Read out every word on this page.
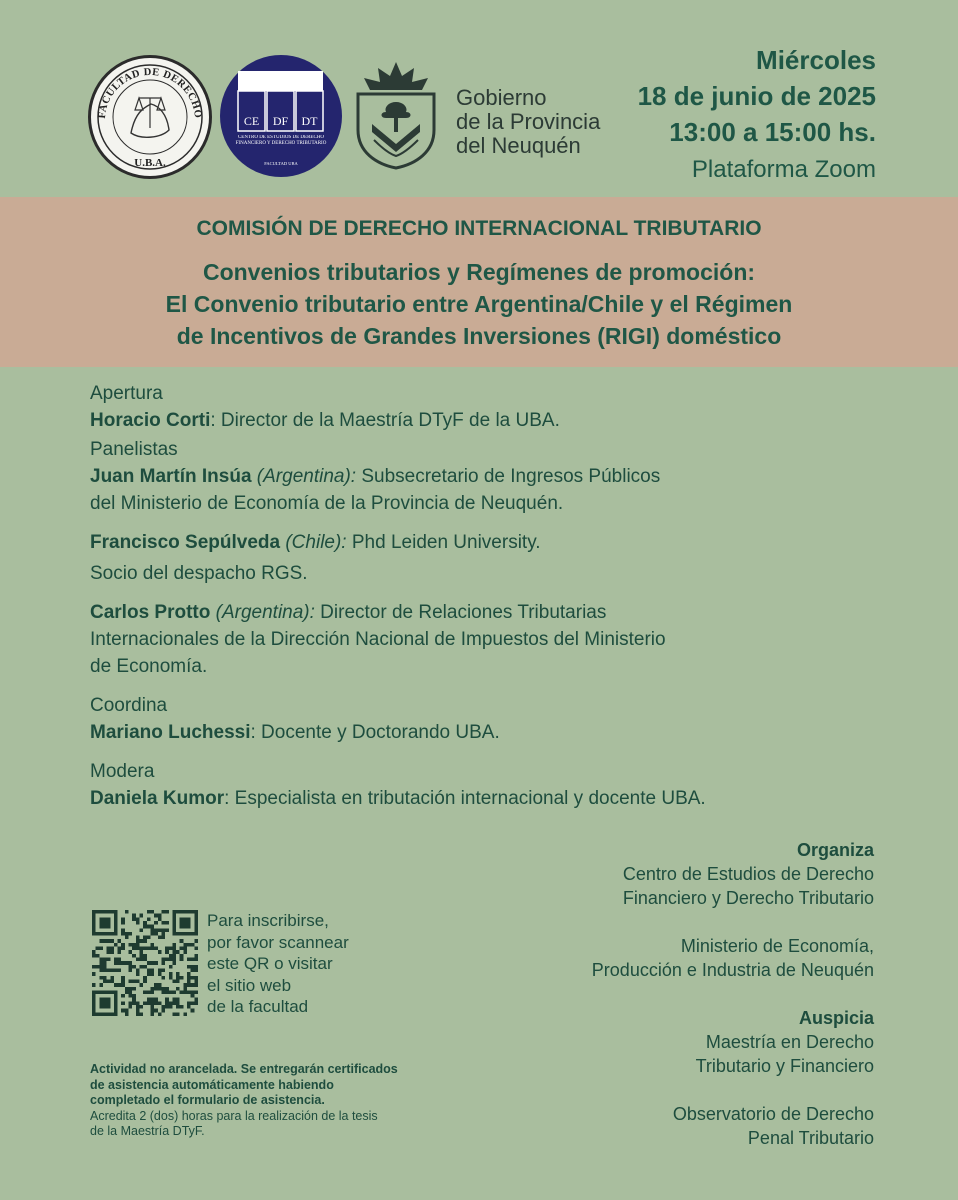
FACULTAD DE DERECHO
U.B.A.
CE DF DT
CENTRO DE ESTUDIOS DE DERECHO FINANCIERO Y DERECHO TRIBUTARIO
FACULTAD UBA
Gobierno
de la Provincia
del Neuquén
Miércoles
18 de junio de 2025
13:00 a 15:00 hs.
Plataforma Zoom
COMISIÓN DE DERECHO INTERNACIONAL TRIBUTARIO
Convenios tributarios y Regímenes de promoción:
El Convenio tributario entre Argentina/Chile y el Régimen
de Incentivos de Grandes Inversiones (RIGI) doméstico

Apertura

Horacio Corti: Director de la Maestría DTyF de la UBA.

Panelistas

Juan Martín Insúa (Argentina): Subsecretario de Ingresos Públicos

del Ministerio de Economía de la Provincia de Neuquén.

Francisco Sepúlveda (Chile): Phd Leiden University.

Socio del despacho RGS.

Carlos Protto (Argentina): Director de Relaciones Tributarias

Internacionales de la Dirección Nacional de Impuestos del Ministerio

de Economía.

Coordina

Mariano Luchessi: Docente y Doctorando UBA.

Modera

Daniela Kumor: Especialista en tributación internacional y docente UBA.

Organiza
Centro de Estudios de Derecho
Financiero y Derecho Tributario
Ministerio de Economía,
Producción e Industria de Neuquén
Auspicia
Maestría en Derecho
Tributario y Financiero
Observatorio de Derecho
Penal Tributario
Para inscribirse,
por favor scannear
este QR o visitar
el sitio web
de la facultad
Actividad no arancelada. Se entregarán certificados
de asistencia automáticamente habiendo
completado el formulario de asistencia.
Acredita 2 (dos) horas para la realización de la tesis
de la Maestría DTyF.
